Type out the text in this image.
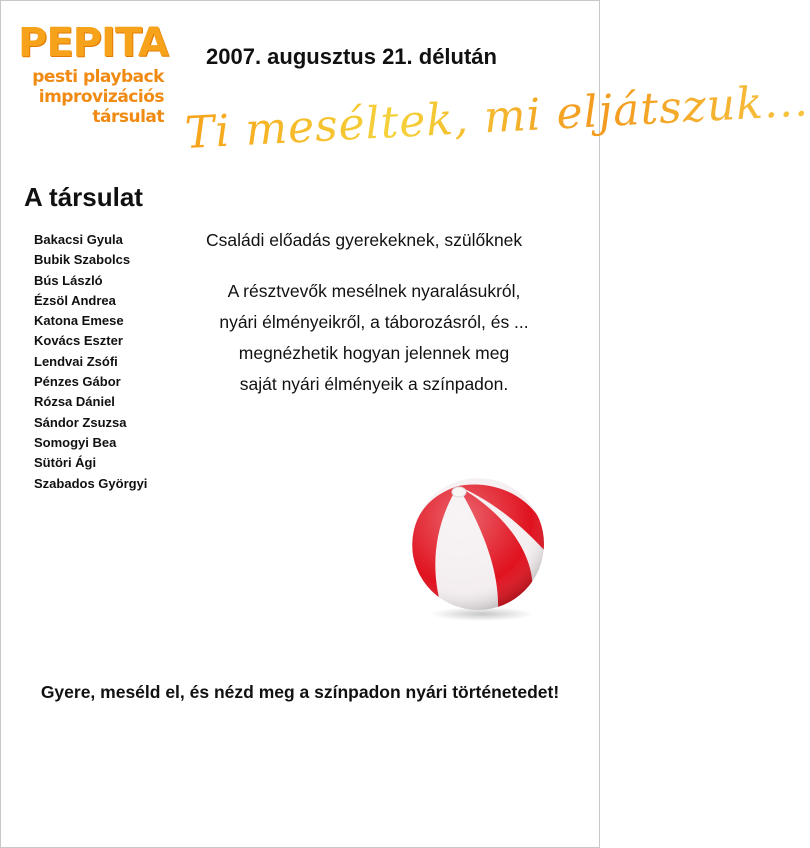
PEPITA
pesti playback
improvizációs
társulat
2007. augusztus 21. délután
Ti meséltek, mi eljátszuk...
A társulat
Bakacsi Gyula
Bubik Szabolcs
Bús László
Ézsöl Andrea
Katona Emese
Kovács Eszter
Lendvai Zsófi
Pénzes Gábor
Rózsa Dániel
Sándor Zsuzsa
Somogyi Bea
Sütöri Ági
Szabados Györgyi
Családi előadás gyerekeknek, szülőknek

A résztvevők mesélnek nyaralásukról,

nyári élményeikről, a táborozásról, és ...

megnézhetik hogyan jelennek meg

saját nyári élményeik a színpadon.

Gyere, meséld el, és nézd meg a színpadon nyári történetedet!
